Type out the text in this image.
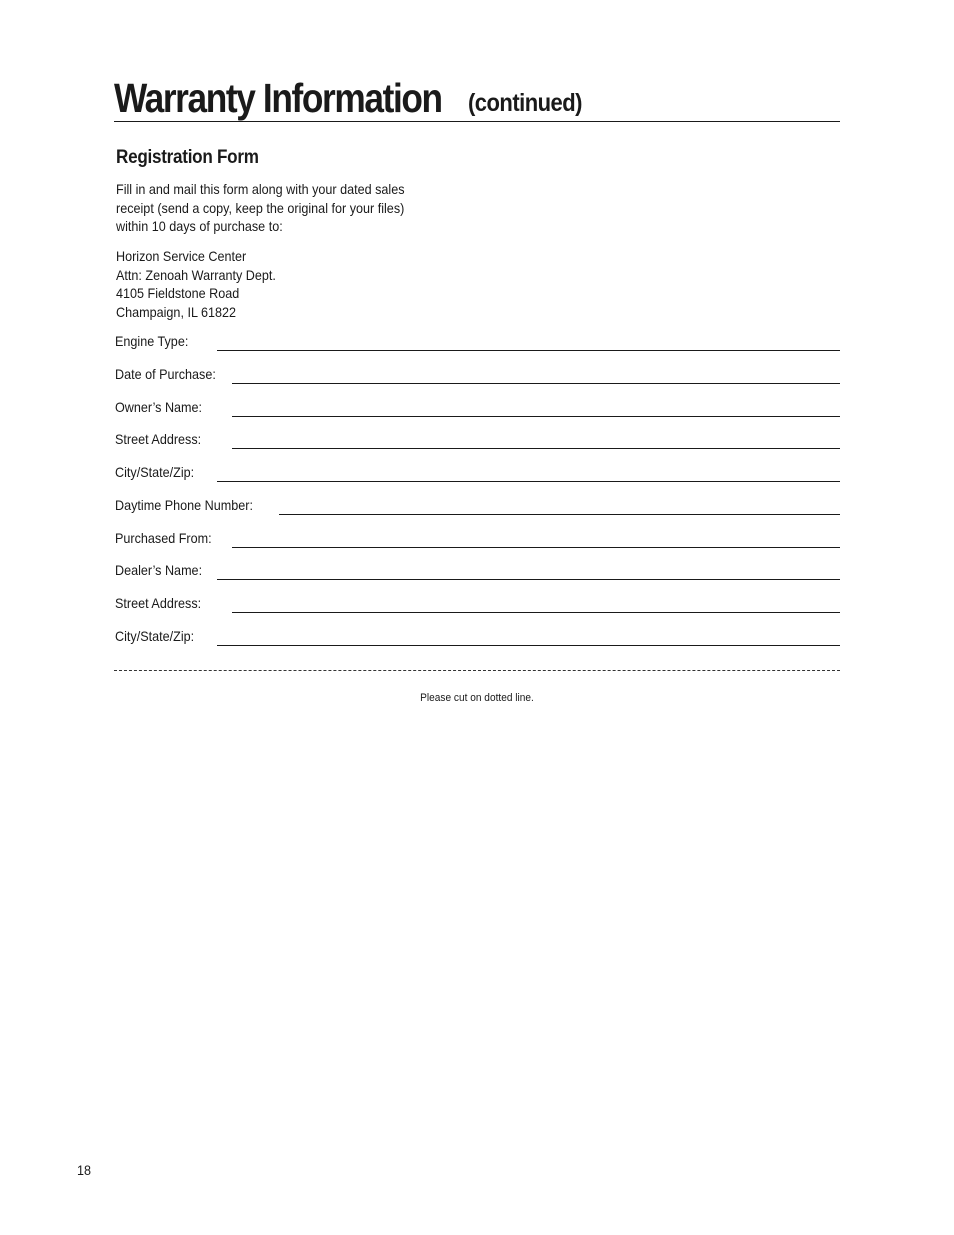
Warranty Information (continued)
Registration Form
Fill in and mail this form along with your dated sales
receipt (send a copy, keep the original for your files)
within 10 days of purchase to:
Horizon Service Center
Attn: Zenoah Warranty Dept.
4105 Fieldstone Road
Champaign, IL 61822
Engine Type:
Date of Purchase:
Owner’s Name:
Street Address:
City/State/Zip:
Daytime Phone Number:
Purchased From:
Dealer’s Name:
Street Address:
City/State/Zip:
Please cut on dotted line.
18
